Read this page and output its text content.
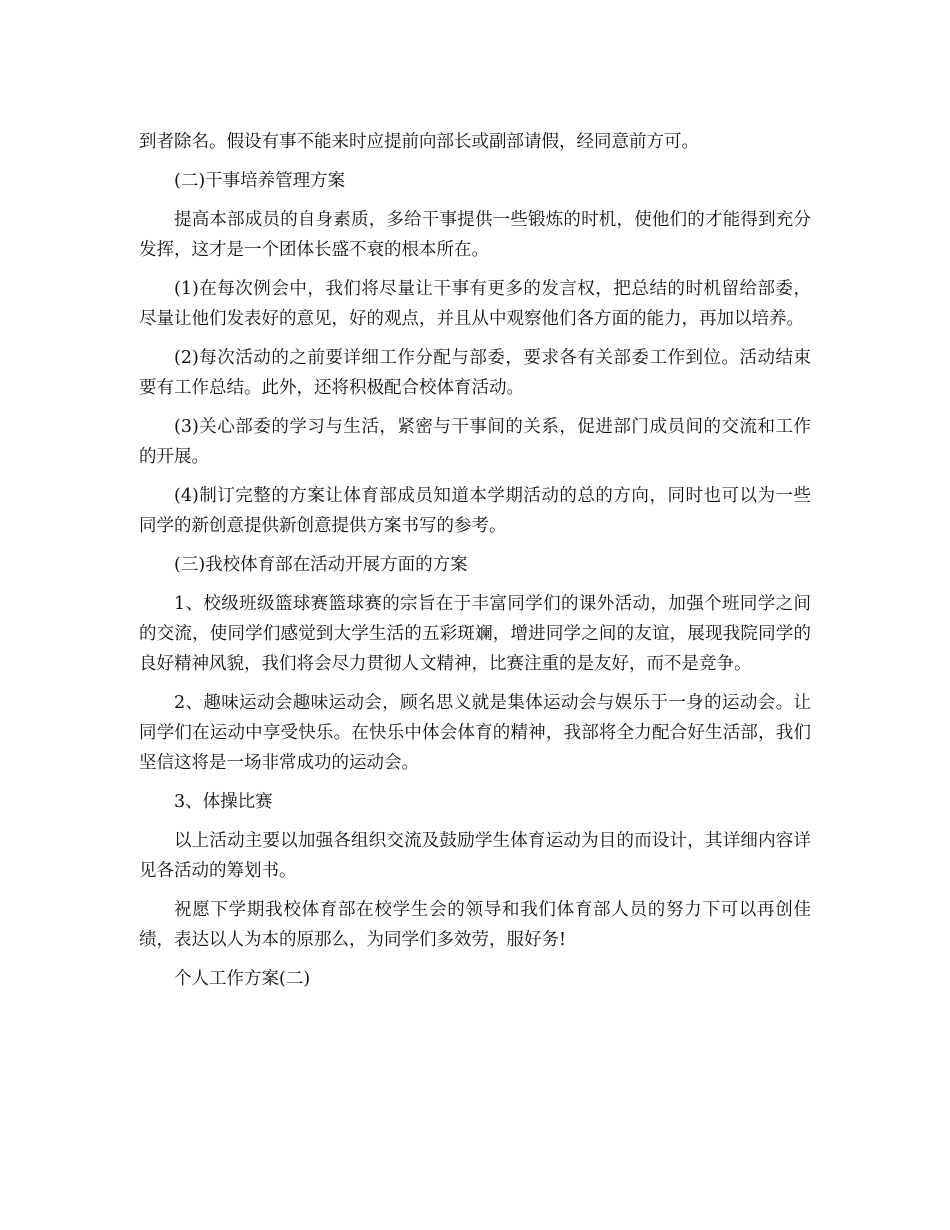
到者除名。假设有事不能来时应提前向部长或副部请假，经同意前方可。

(二)干事培养管理方案

提高本部成员的自身素质，多给干事提供一些锻炼的时机，使他们的才能得到充分发挥，这才是一个团体长盛不衰的根本所在。

(1)在每次例会中，我们将尽量让干事有更多的发言权，把总结的时机留给部委，尽量让他们发表好的意见，好的观点，并且从中观察他们各方面的能力，再加以培养。

(2)每次活动的之前要详细工作分配与部委，要求各有关部委工作到位。活动结束要有工作总结。此外，还将积极配合校体育活动。

(3)关心部委的学习与生活，紧密与干事间的关系，促进部门成员间的交流和工作的开展。

(4)制订完整的方案让体育部成员知道本学期活动的总的方向，同时也可以为一些同学的新创意提供新创意提供方案书写的参考。

(三)我校体育部在活动开展方面的方案

1、校级班级篮球赛篮球赛的宗旨在于丰富同学们的课外活动，加强个班同学之间的交流，使同学们感觉到大学生活的五彩斑斓，增进同学之间的友谊，展现我院同学的良好精神风貌，我们将会尽力贯彻人文精神，比赛注重的是友好，而不是竞争。

2、趣味运动会趣味运动会，顾名思义就是集体运动会与娱乐于一身的运动会。让同学们在运动中享受快乐。在快乐中体会体育的精神，我部将全力配合好生活部，我们坚信这将是一场非常成功的运动会。

3、体操比赛

以上活动主要以加强各组织交流及鼓励学生体育运动为目的而设计，其详细内容详见各活动的筹划书。

祝愿下学期我校体育部在校学生会的领导和我们体育部人员的努力下可以再创佳绩，表达以人为本的原那么，为同学们多效劳，服好务!

个人工作方案(二)
